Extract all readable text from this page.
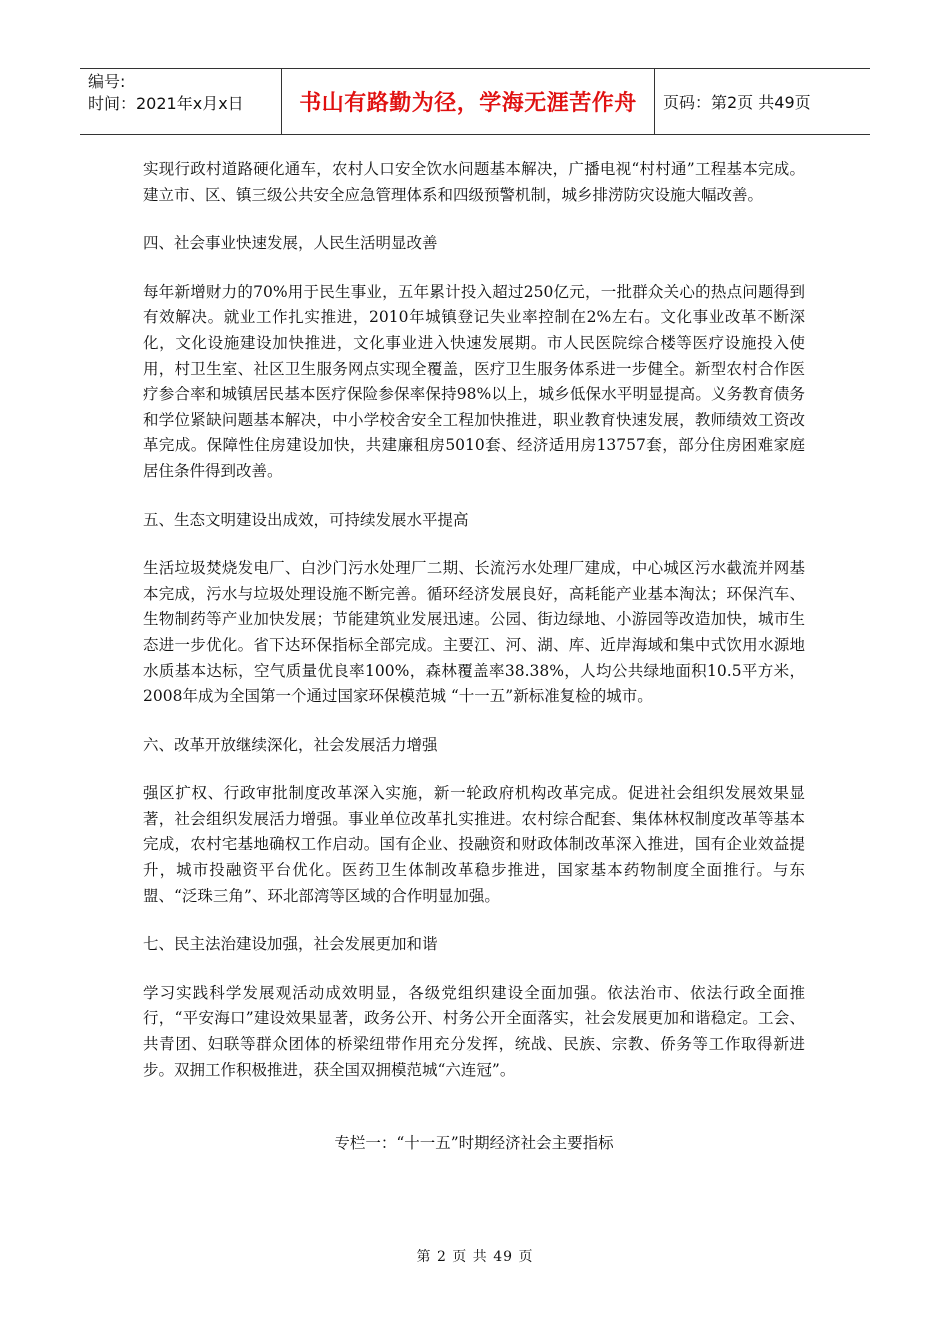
编号:
时间：2021年x月x日	书山有路勤为径，学海无涯苦作舟	页码：第2页 共49页

实现行政村道路硬化通车，农村人口安全饮水问题基本解决，广播电视“村村通”工程基本完成。建立市、区、镇三级公共安全应急管理体系和四级预警机制，城乡排涝防灾设施大幅改善。

四、社会事业快速发展，人民生活明显改善

每年新增财力的70%用于民生事业，五年累计投入超过250亿元，一批群众关心的热点问题得到有效解决。就业工作扎实推进，2010年城镇登记失业率控制在2%左右。文化事业改革不断深化，文化设施建设加快推进，文化事业进入快速发展期。市人民医院综合楼等医疗设施投入使用，村卫生室、社区卫生服务网点实现全覆盖，医疗卫生服务体系进一步健全。新型农村合作医疗参合率和城镇居民基本医疗保险参保率保持98%以上，城乡低保水平明显提高。义务教育债务和学位紧缺问题基本解决，中小学校舍安全工程加快推进，职业教育快速发展，教师绩效工资改革完成。保障性住房建设加快，共建廉租房5010套、经济适用房13757套，部分住房困难家庭居住条件得到改善。

五、生态文明建设出成效，可持续发展水平提高

生活垃圾焚烧发电厂、白沙门污水处理厂二期、长流污水处理厂建成，中心城区污水截流并网基本完成，污水与垃圾处理设施不断完善。循环经济发展良好，高耗能产业基本淘汰；环保汽车、生物制药等产业加快发展；节能建筑业发展迅速。公园、街边绿地、小游园等改造加快，城市生态进一步优化。省下达环保指标全部完成。主要江、河、湖、库、近岸海域和集中式饮用水源地水质基本达标，空气质量优良率100%，森林覆盖率38.38%，人均公共绿地面积10.5平方米，2008年成为全国第一个通过国家环保模范城 “十一五”新标准复检的城市。

六、改革开放继续深化，社会发展活力增强

强区扩权、行政审批制度改革深入实施，新一轮政府机构改革完成。促进社会组织发展效果显著，社会组织发展活力增强。事业单位改革扎实推进。农村综合配套、集体林权制度改革等基本完成，农村宅基地确权工作启动。国有企业、投融资和财政体制改革深入推进，国有企业效益提升，城市投融资平台优化。医药卫生体制改革稳步推进，国家基本药物制度全面推行。与东盟、“泛珠三角”、环北部湾等区域的合作明显加强。

七、民主法治建设加强，社会发展更加和谐

学习实践科学发展观活动成效明显，各级党组织建设全面加强。依法治市、依法行政全面推行，“平安海口”建设效果显著，政务公开、村务公开全面落实，社会发展更加和谐稳定。工会、共青团、妇联等群众团体的桥梁纽带作用充分发挥，统战、民族、宗教、侨务等工作取得新进步。双拥工作积极推进，获全国双拥模范城“六连冠”。

专栏一：“十一五”时期经济社会主要指标
第 2 页 共 49 页
